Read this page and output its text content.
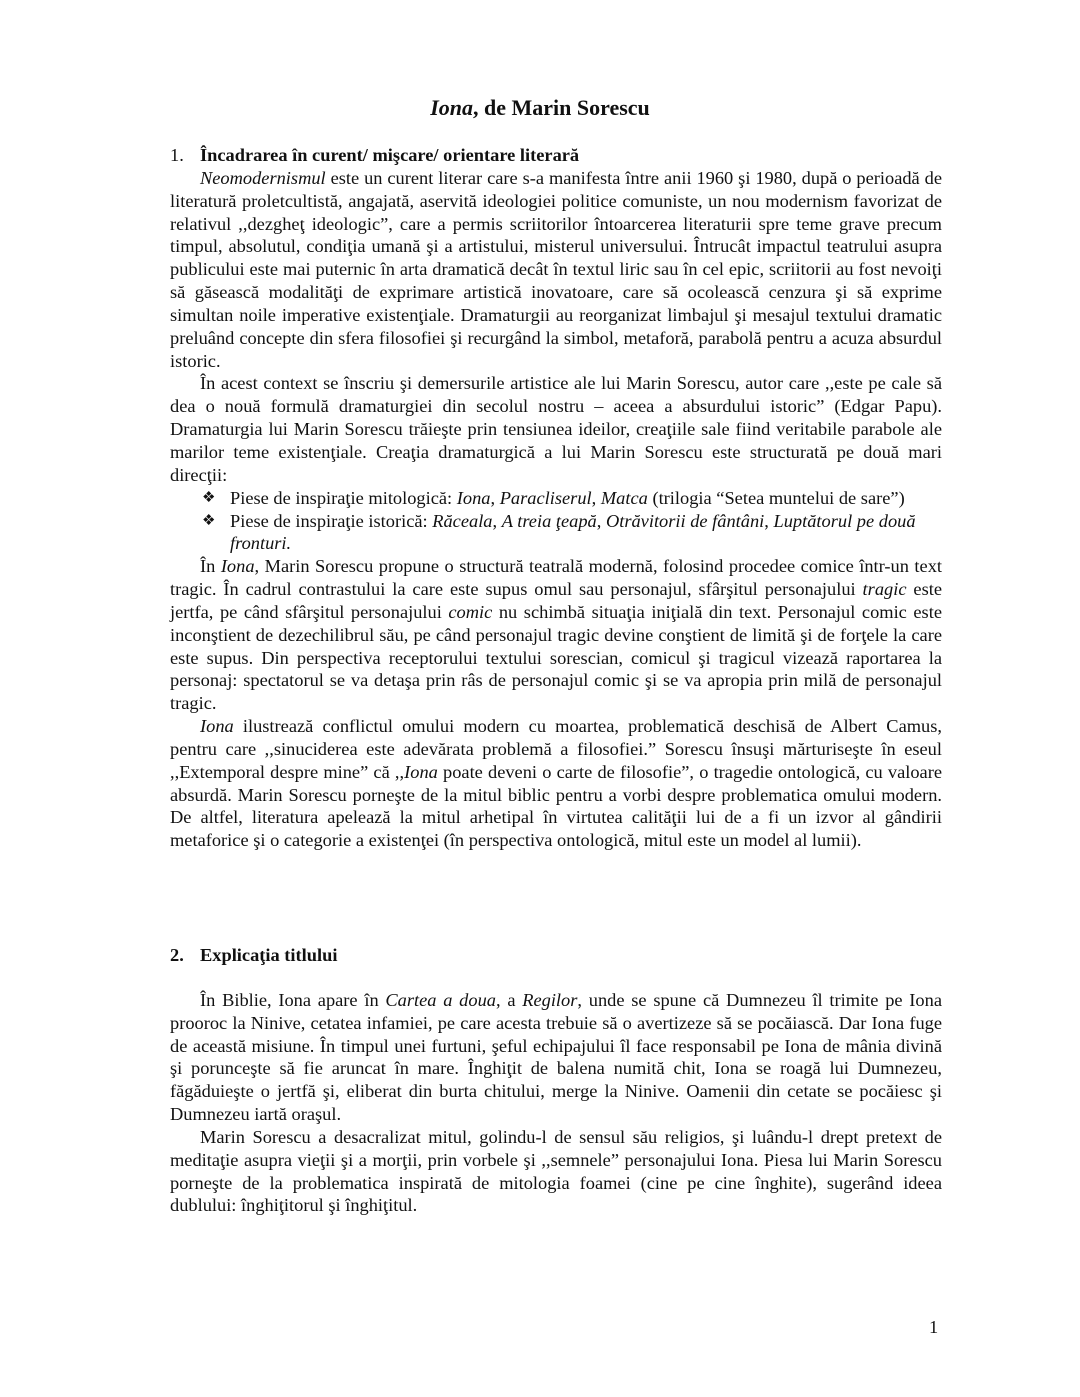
Iona, de Marin Sorescu
1. Încadrarea în curent/ mişcare/ orientare literară

Neomodernismul este un curent literar care s-a manifesta între anii 1960 şi 1980, după o perioadă de literatură proletcultistă, angajată, aservită ideologiei politice comuniste, un nou modernism favorizat de relativul ,,dezgheţ ideologic”, care a permis scriitorilor întoarcerea literaturii spre teme grave precum timpul, absolutul, condiţia umană şi a artistului, misterul universului. Întrucât impactul teatrului asupra publicului este mai puternic în arta dramatică decât în textul liric sau în cel epic, scriitorii au fost nevoiţi să găsească modalităţi de exprimare artistică inovatoare, care să ocolească cenzura şi să exprime simultan noile imperative existenţiale. Dramaturgii au reorganizat limbajul şi mesajul textului dramatic preluând concepte din sfera filosofiei şi recurgând la simbol, metaforă, parabolă pentru a acuza absurdul istoric.

În acest context se înscriu şi demersurile artistice ale lui Marin Sorescu, autor care ,,este pe cale să dea o nouă formulă dramaturgiei din secolul nostru – aceea a absurdului istoric” (Edgar Papu). Dramaturgia lui Marin Sorescu trăieşte prin tensiunea ideilor, creaţiile sale fiind veritabile parabole ale marilor teme existenţiale. Creaţia dramaturgică a lui Marin Sorescu este structurată pe două mari direcţii:

❖ Piese de inspiraţie mitologică: Iona, Paracliserul, Matca (trilogia “Setea muntelui de sare”)
❖ Piese de inspiraţie istorică: Răceala, A treia ţeapă, Otrăvitorii de fântâni, Luptătorul pe două fronturi.

În Iona, Marin Sorescu propune o structură teatrală modernă, folosind procedee comice într-un text tragic. În cadrul contrastului la care este supus omul sau personajul, sfârşitul personajului tragic este jertfa, pe când sfârşitul personajului comic nu schimbă situaţia iniţială din text. Personajul comic este inconştient de dezechilibrul său, pe când personajul tragic devine conştient de limită şi de forţele la care este supus. Din perspectiva receptorului textului sorescian, comicul şi tragicul vizează raportarea la personaj: spectatorul se va detaşa prin râs de personajul comic şi se va apropia prin milă de personajul tragic.

Iona ilustrează conflictul omului modern cu moartea, problematică deschisă de Albert Camus, pentru care ,,sinuciderea este adevărata problemă a filosofiei.” Sorescu însuşi mărturiseşte în eseul ,,Extemporal despre mine” că ,,Iona poate deveni o carte de filosofie”, o tragedie ontologică, cu valoare absurdă. Marin Sorescu porneşte de la mitul biblic pentru a vorbi despre problematica omului modern. De altfel, literatura apelează la mitul arhetipal în virtutea calităţii lui de a fi un izvor al gândirii metaforice şi o categorie a existenţei (în perspectiva ontologică, mitul este un model al lumii).

2. Explicaţia titlului

În Biblie, Iona apare în Cartea a doua, a Regilor, unde se spune că Dumnezeu îl trimite pe Iona prooroc la Ninive, cetatea infamiei, pe care acesta trebuie să o avertizeze să se pocăiască. Dar Iona fuge de această misiune. În timpul unei furtuni, şeful echipajului îl face responsabil pe Iona de mânia divină şi porunceşte să fie aruncat în mare. Înghiţit de balena numită chit, Iona se roagă lui Dumnezeu, făgăduieşte o jertfă şi, eliberat din burta chitului, merge la Ninive. Oamenii din cetate se pocăiesc şi Dumnezeu iartă oraşul.

Marin Sorescu a desacralizat mitul, golindu-l de sensul său religios, şi luându-l drept pretext de meditaţie asupra vieţii şi a morţii, prin vorbele şi ,,semnele” personajului Iona. Piesa lui Marin Sorescu porneşte de la problematica inspirată de mitologia foamei (cine pe cine înghite), sugerând ideea dublului: înghiţitorul şi înghiţitul.

1
